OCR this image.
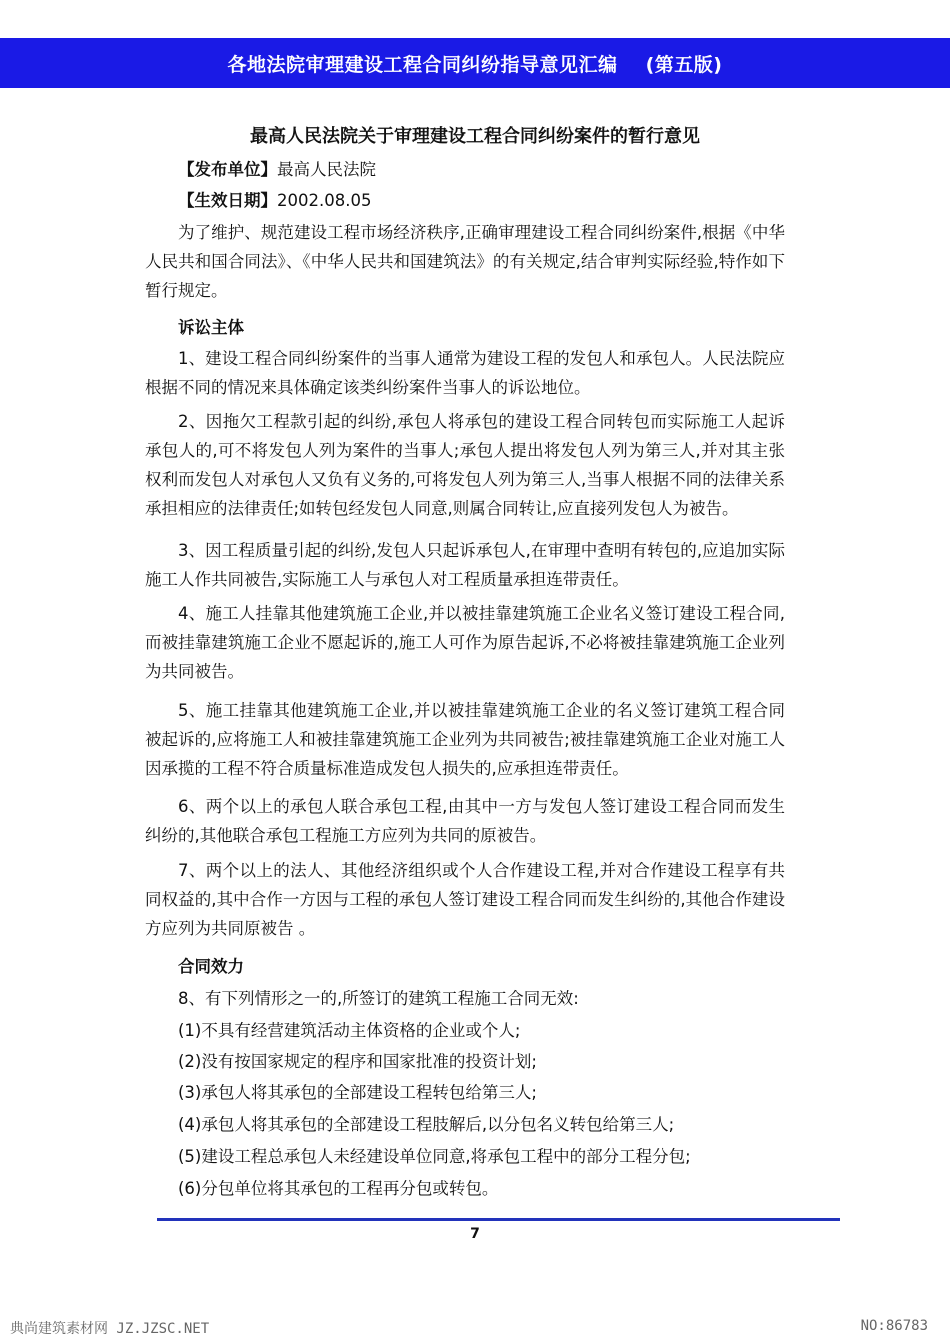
各地法院审理建设工程合同纠纷指导意见汇编 (第五版)
最高人民法院关于审理建设工程合同纠纷案件的暂行意见
【发布单位】最高人民法院
【生效日期】2002.08.05
为了维护、规范建设工程市场经济秩序,正确审理建设工程合同纠纷案件,根据《中华人民共和国合同法》、《中华人民共和国建筑法》的有关规定,结合审判实际经验,特作如下暂行规定。
诉讼主体
1、建设工程合同纠纷案件的当事人通常为建设工程的发包人和承包人。人民法院应根据不同的情况来具体确定该类纠纷案件当事人的诉讼地位。
2、因拖欠工程款引起的纠纷,承包人将承包的建设工程合同转包而实际施工人起诉承包人的,可不将发包人列为案件的当事人;承包人提出将发包人列为第三人,并对其主张权利而发包人对承包人又负有义务的,可将发包人列为第三人,当事人根据不同的法律关系承担相应的法律责任;如转包经发包人同意,则属合同转让,应直接列发包人为被告。
3、因工程质量引起的纠纷,发包人只起诉承包人,在审理中查明有转包的,应追加实际施工人作共同被告,实际施工人与承包人对工程质量承担连带责任。
4、施工人挂靠其他建筑施工企业,并以被挂靠建筑施工企业名义签订建设工程合同,而被挂靠建筑施工企业不愿起诉的,施工人可作为原告起诉,不必将被挂靠建筑施工企业列为共同被告。
5、施工挂靠其他建筑施工企业,并以被挂靠建筑施工企业的名义签订建筑工程合同被起诉的,应将施工人和被挂靠建筑施工企业列为共同被告;被挂靠建筑施工企业对施工人因承揽的工程不符合质量标准造成发包人损失的,应承担连带责任。
6、两个以上的承包人联合承包工程,由其中一方与发包人签订建设工程合同而发生纠纷的,其他联合承包工程施工方应列为共同的原被告。
7、两个以上的法人、其他经济组织或个人合作建设工程,并对合作建设工程享有共同权益的,其中合作一方因与工程的承包人签订建设工程合同而发生纠纷的,其他合作建设方应列为共同原被告 。
合同效力
8、有下列情形之一的,所签订的建筑工程施工合同无效:
(1)不具有经营建筑活动主体资格的企业或个人;
(2)没有按国家规定的程序和国家批准的投资计划;
(3)承包人将其承包的全部建设工程转包给第三人;
(4)承包人将其承包的全部建设工程肢解后,以分包名义转包给第三人;
(5)建设工程总承包人未经建设单位同意,将承包工程中的部分工程分包;
(6)分包单位将其承包的工程再分包或转包。
7
典尚建筑素材网 JZ.JZSC.NET	NO:86783
